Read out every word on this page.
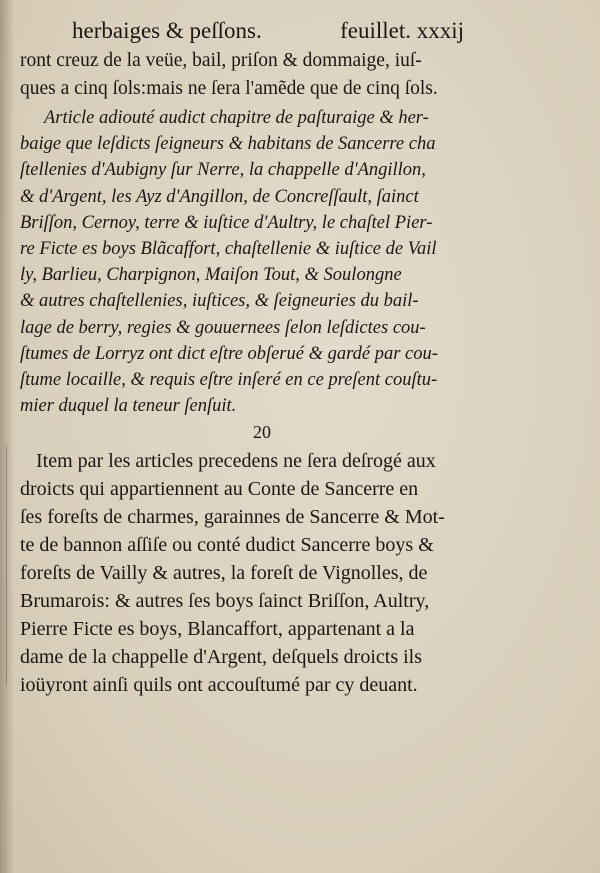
herbaiges & peſſons.	feuillet. xxxij
ront creuz de la veüe, bail, priſon & dommaige, iuſ-
ques a cinq ſols:mais ne ſera l'amẽde que de cinq ſols.
Article adiouté audict chapitre de paſturaige & her-
baige que leſdicts ſeigneurs & habitans de Sancerre cha
ſtellenies d'Aubigny ſur Nerre, la chappelle d'Angillon,
& d'Argent, les Ayz d'Angillon, de Concreſſault, ſainct
Briſſon, Cernoy, terre & iuſtice d'Aultry, le chaſtel Pier-
re Ficte es boys Blãcaffort, chaſtellenie & iuſtice de Vail
ly, Barlieu, Charpignon, Maiſon Tout, & Soulongne
& autres chaſtellenies, iuſtices, & ſeigneuries du bail-
lage de berry, regies & gouuernees ſelon leſdictes cou-
ſtumes de Lorryz ont dict eſtre obſerué & gardé par cou-
ſtume locaille, & requis eſtre inſeré en ce preſent couſtu-
mier duquel la teneur ſenſuit.
20
Item par les articles precedens ne ſera deſrogé aux
droicts qui appartiennent au Conte de Sancerre en
ſes foreſts de charmes, garainnes de Sancerre & Mot-
te de bannon aſſiſe ou conté dudict Sancerre boys &
foreſts de Vailly & autres, la foreſt de Vignolles, de
Brumarois: & autres ſes boys ſainct Briſſon, Aultry,
Pierre Ficte es boys, Blancaffort, appartenant a la
dame de la chappelle d'Argent, deſquels droicts ils
ioüyront ainſi quils ont accouſtumé par cy deuant.
